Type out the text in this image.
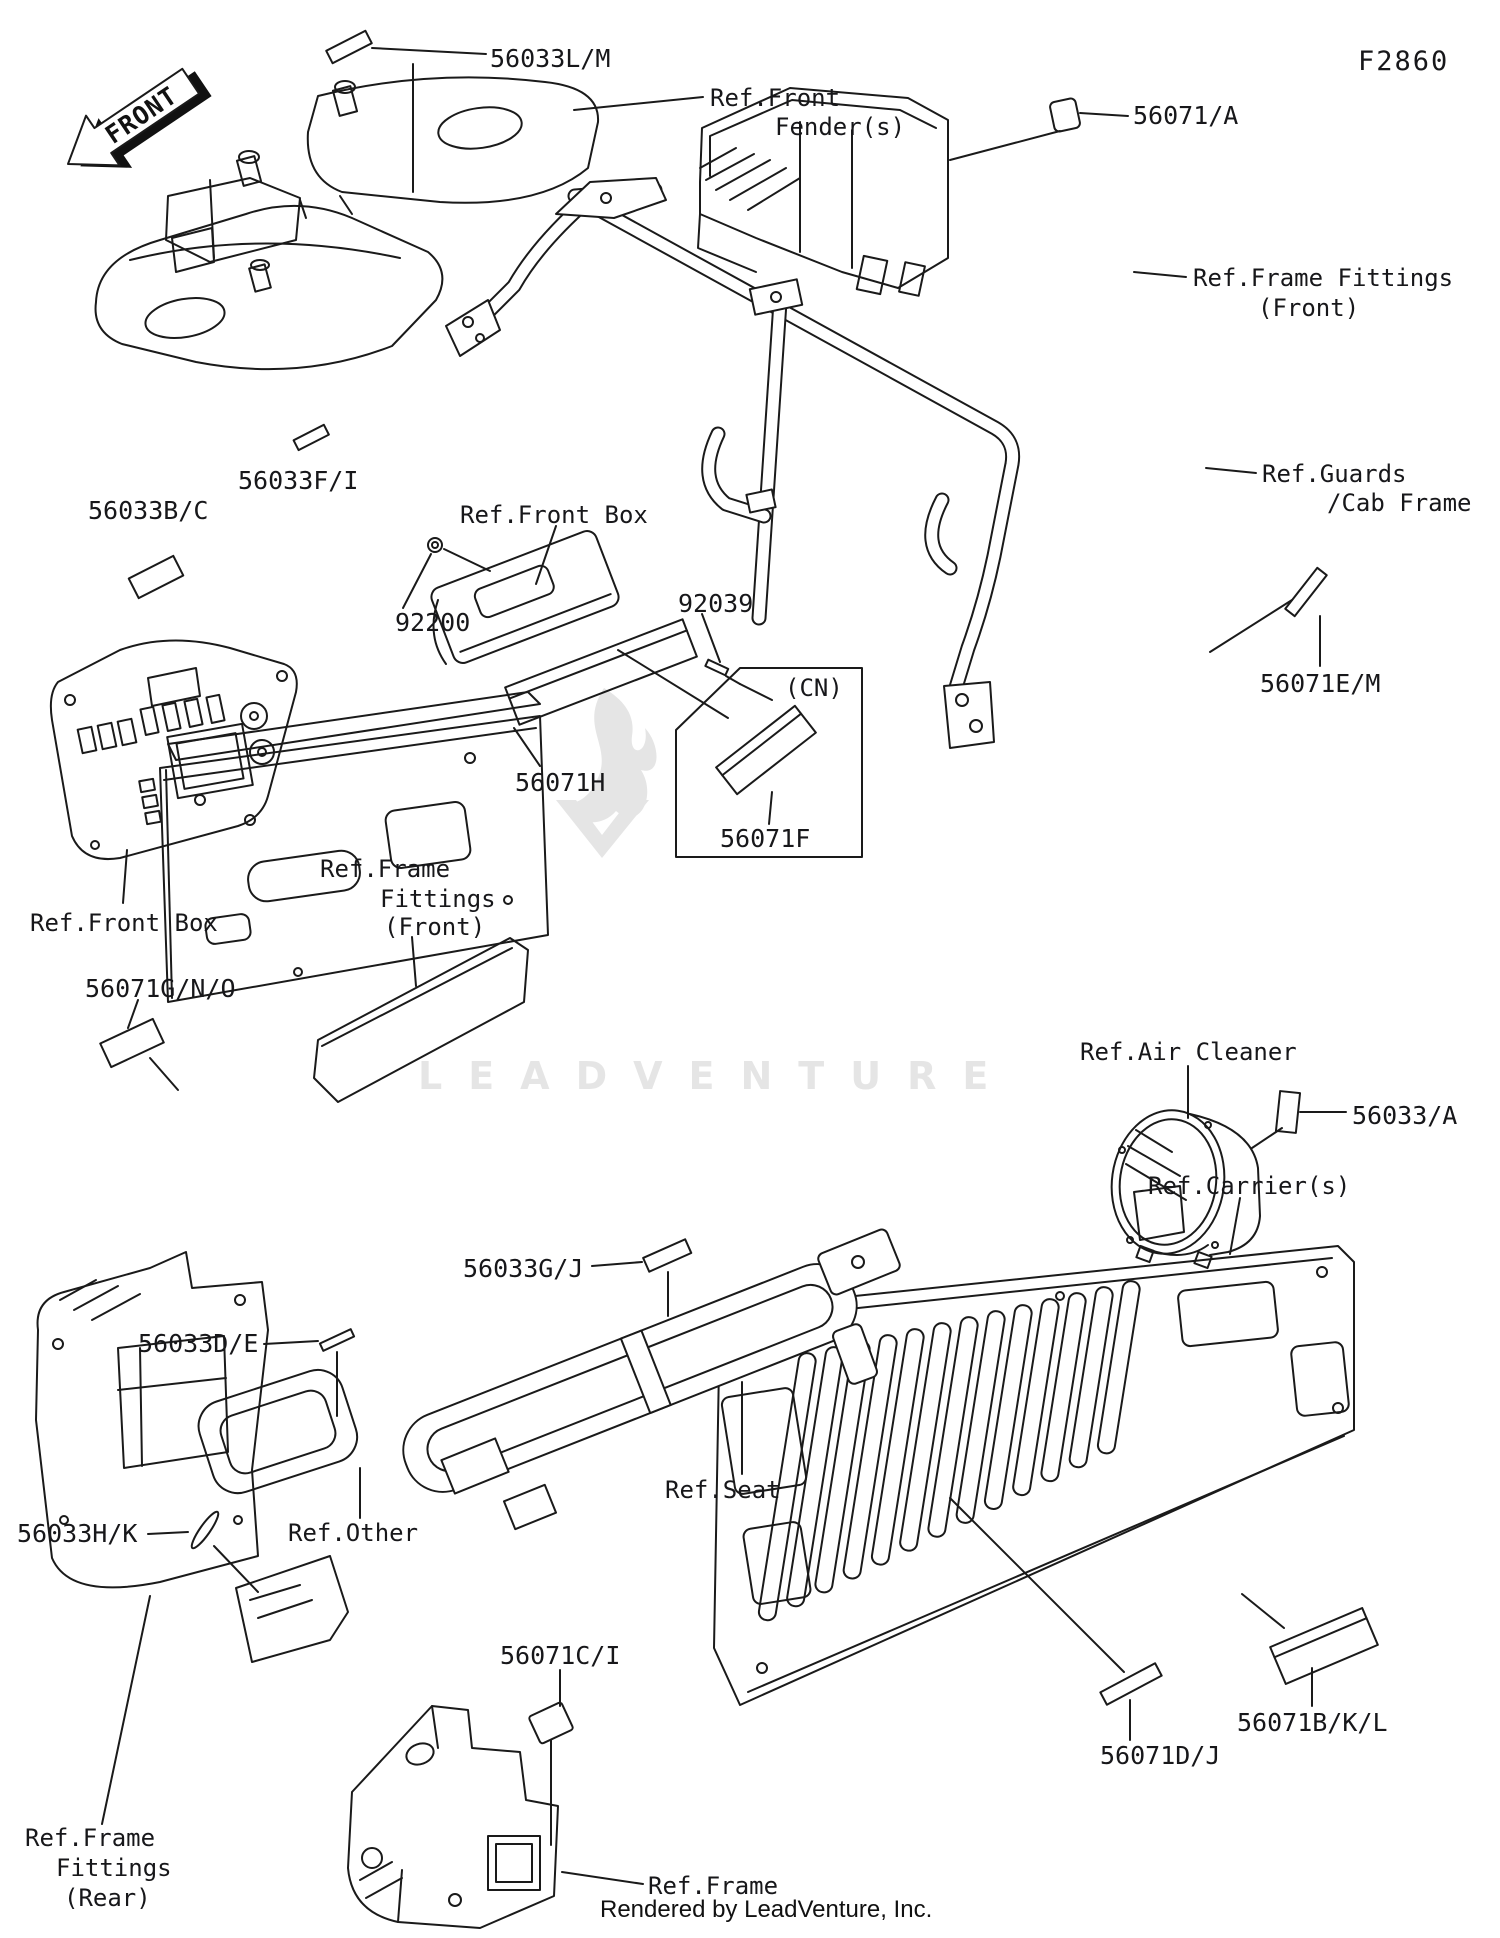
LEADVENTURE
FRONT
56033L/M
56071/A
56033F/I
56033B/C
92200
92039
56071H
56071F
56071E/M
56071G/N/O
56033/A
56033G/J
56033D/E
56033H/K
56071C/I
56071D/J
56071B/K/L
F2860
(CN)
Ref.Front
Fender(s)
Ref.Frame Fittings
(Front)
Ref.Guards
/Cab Frame
Ref.Front Box
Ref.Front Box
Ref.Frame
Fittings
(Front)
Ref.Air Cleaner
Ref.Carrier(s)
Ref.Seat
Ref.Other
Ref.Frame
Fittings
(Rear)	Ref.Frame
Rendered by LeadVenture, Inc.
